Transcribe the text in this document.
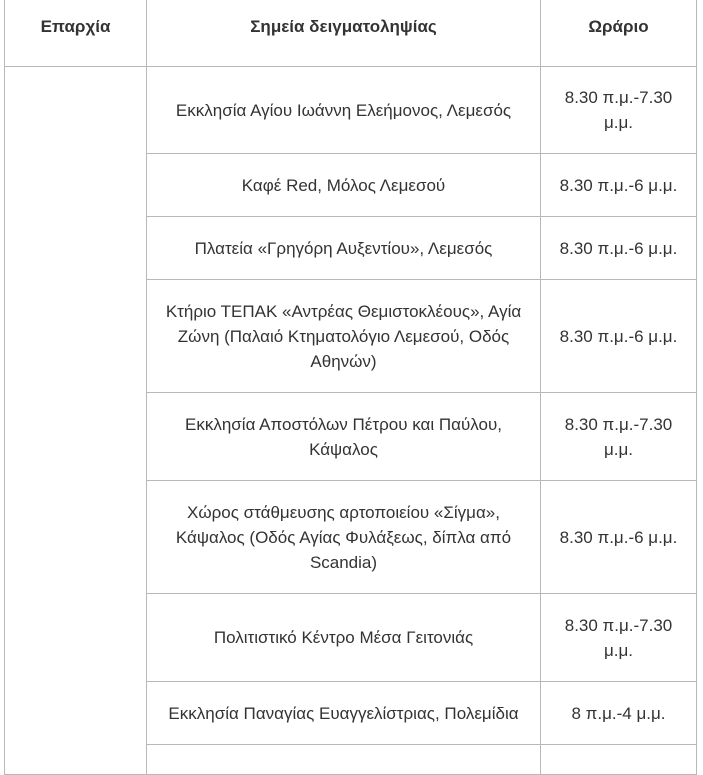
Επαρχία	Σημεία δειγματοληψίας	Ωράριο
	Εκκλησία Αγίου Ιωάννη Ελεήμονος, Λεμεσός	8.30 π.μ.-7.30 μ.μ.
	Καφέ Red, Μόλος Λεμεσού	8.30 π.μ.-6 μ.μ.
	Πλατεία «Γρηγόρη Αυξεντίου», Λεμεσός	8.30 π.μ.-6 μ.μ.
	Κτήριο ΤΕΠΑΚ «Αντρέας Θεμιστοκλέους», Αγία Ζώνη (Παλαιό Κτηματολόγιο Λεμεσού, Οδός Αθηνών)	8.30 π.μ.-6 μ.μ.
	Εκκλησία Αποστόλων Πέτρου και Παύλου, Κάψαλος	8.30 π.μ.-7.30 μ.μ.
	Χώρος στάθμευσης αρτοποιείου «Σίγμα», Κάψαλος (Οδός Αγίας Φυλάξεως, δίπλα από Scandia)	8.30 π.μ.-6 μ.μ.
	Πολιτιστικό Κέντρο Μέσα Γειτονιάς	8.30 π.μ.-7.30 μ.μ.
	Εκκλησία Παναγίας Ευαγγελίστριας, Πολεμίδια	8 π.μ.-4 μ.μ.
